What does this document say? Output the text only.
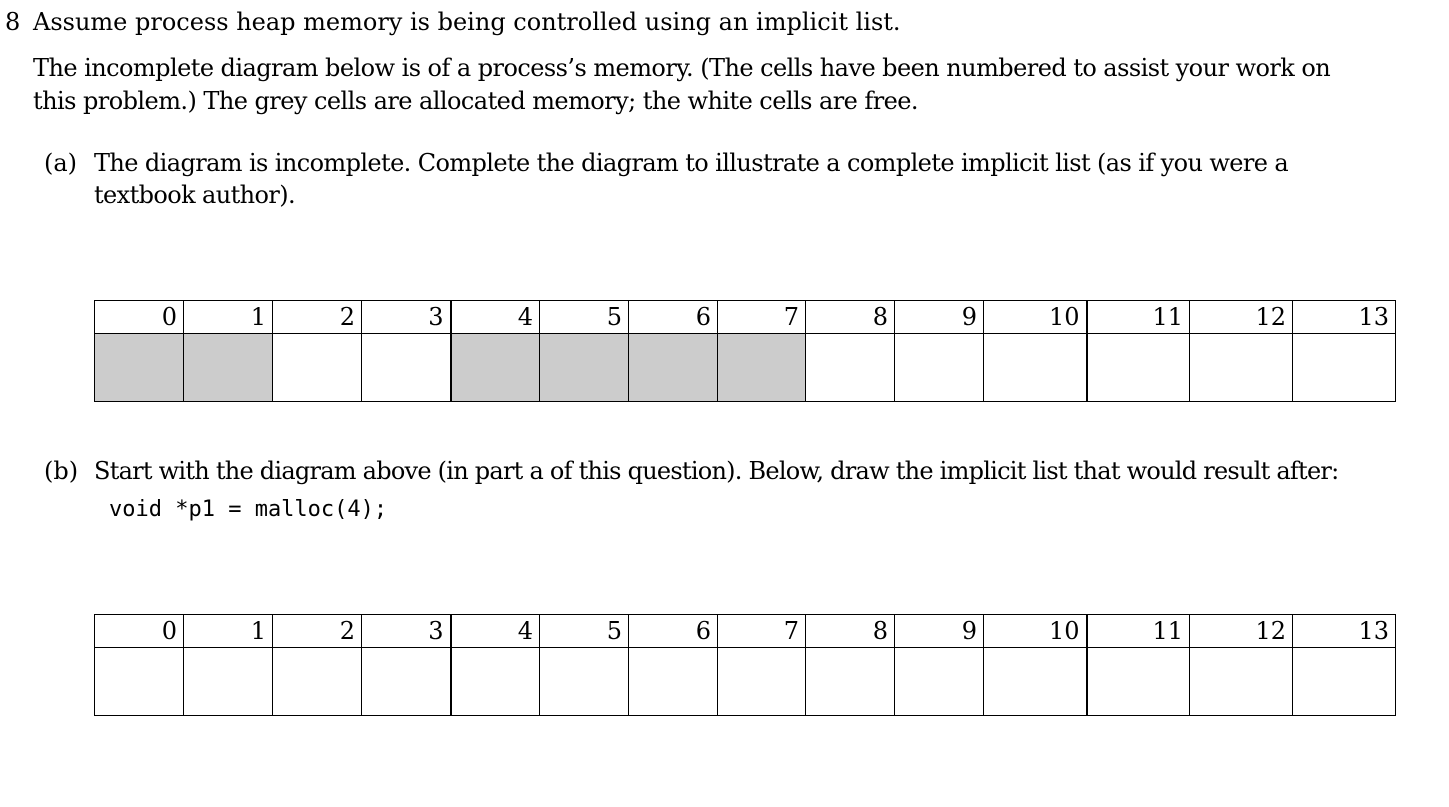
8 Assume process heap memory is being controlled using an implicit list.
The incomplete diagram below is of a process’s memory. (The cells have been numbered to assist your work on
this problem.) The grey cells are allocated memory; the white cells are free.
(a) The diagram is incomplete. Complete the diagram to illustrate a complete implicit list (as if you were a
textbook author).
0	1	2	3	4	5	6	7	8	9	10	11	12	13

(b) Start with the diagram above (in part a of this question). Below, draw the implicit list that would result after:
void *p1 = malloc(4);
0	1	2	3	4	5	6	7	8	9	10	11	12	13
